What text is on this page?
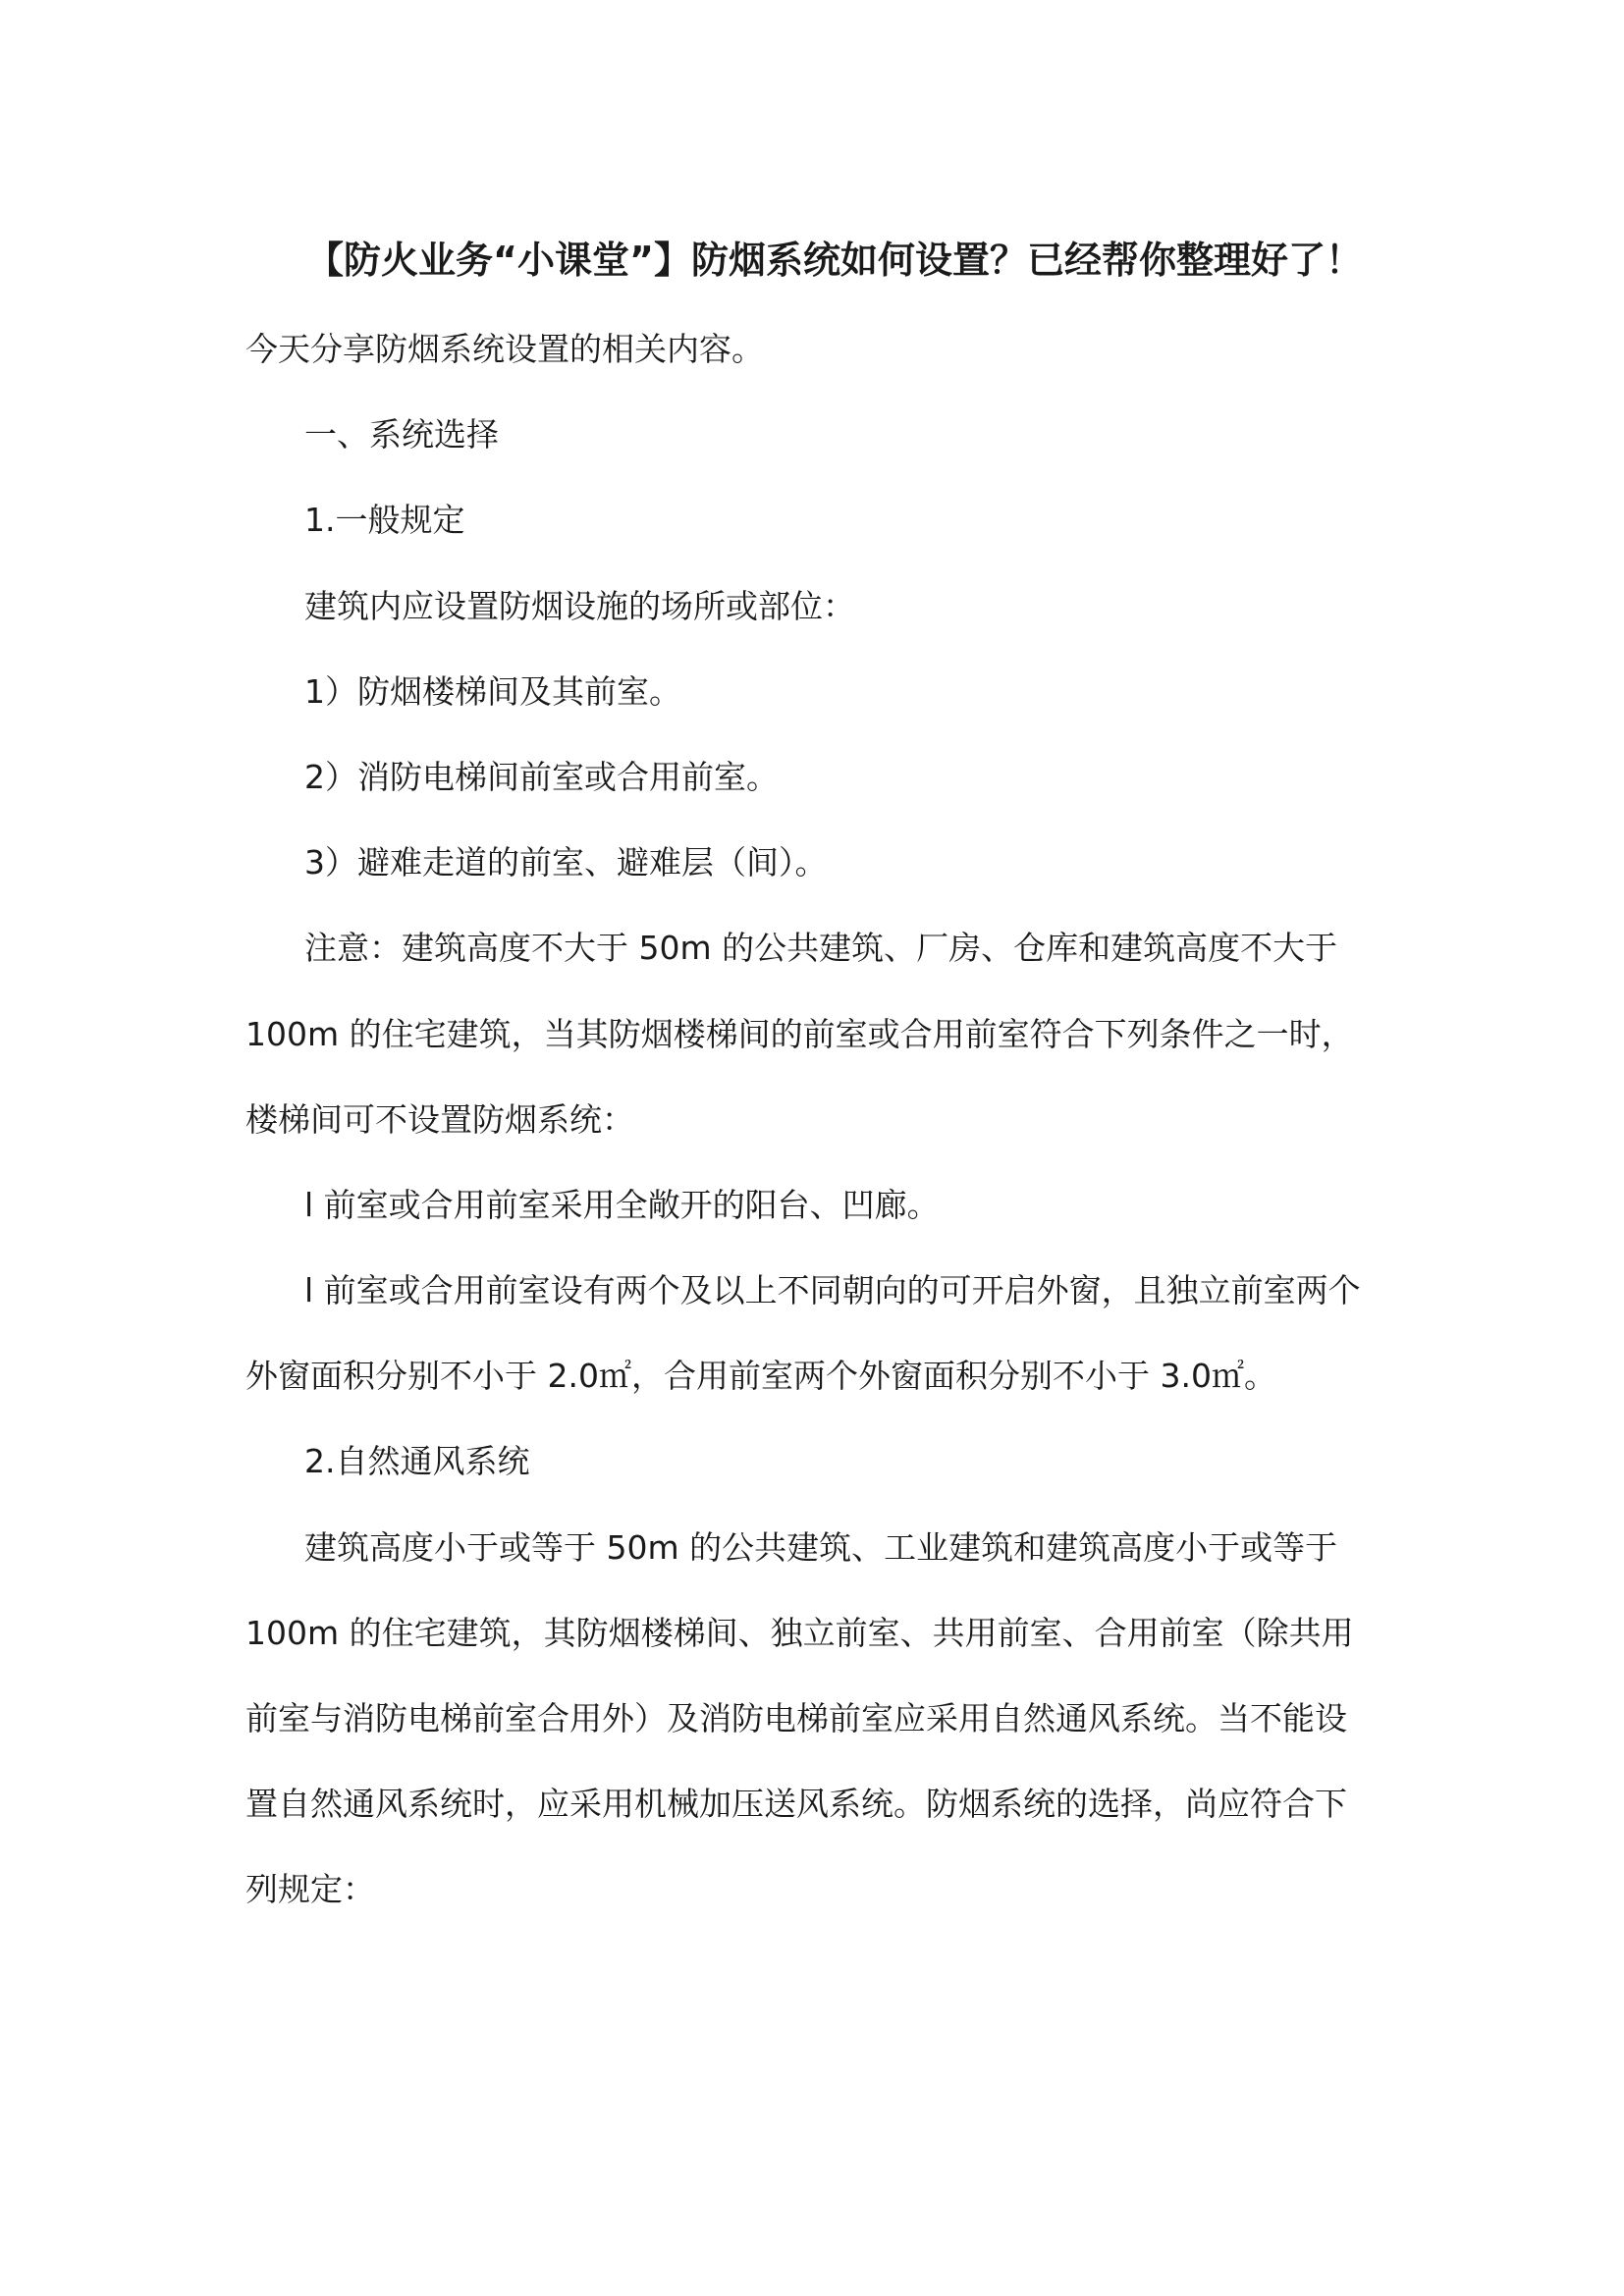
【防火业务“小课堂”】防烟系统如何设置？已经帮你整理好了！
今天分享防烟系统设置的相关内容。
一、系统选择
1.一般规定
建筑内应设置防烟设施的场所或部位：
1）防烟楼梯间及其前室。
2）消防电梯间前室或合用前室。
3）避难走道的前室、避难层（间）。
注意：建筑高度不大于 50m 的公共建筑、厂房、仓库和建筑高度不大于
100m 的住宅建筑，当其防烟楼梯间的前室或合用前室符合下列条件之一时，
楼梯间可不设置防烟系统：
l 前室或合用前室采用全敞开的阳台、凹廊。
l 前室或合用前室设有两个及以上不同朝向的可开启外窗，且独立前室两个
外窗面积分别不小于 2.0㎡，合用前室两个外窗面积分别不小于 3.0㎡。
2.自然通风系统
建筑高度小于或等于 50m 的公共建筑、工业建筑和建筑高度小于或等于
100m 的住宅建筑，其防烟楼梯间、独立前室、共用前室、合用前室（除共用
前室与消防电梯前室合用外）及消防电梯前室应采用自然通风系统。当不能设
置自然通风系统时，应采用机械加压送风系统。防烟系统的选择，尚应符合下
列规定：
